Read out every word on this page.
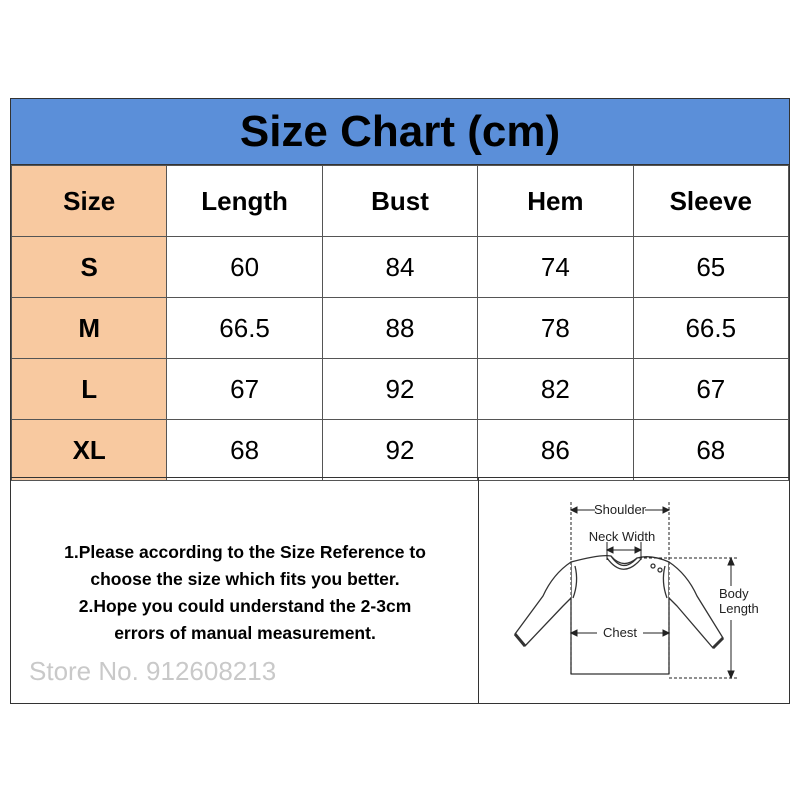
Size Chart (cm)
Size	Length	Bust	Hem	Sleeve
S	60	84	74	65
M	66.5	88	78	66.5
L	67	92	82	67
XL	68	92	86	68
1.Please according to the Size Reference to
choose the size which fits you better.
2.Hope you could understand the 2-3cm
errors of manual measurement.
Store No. 912608213
Shoulder
Neck Width
Chest
Body
Length
